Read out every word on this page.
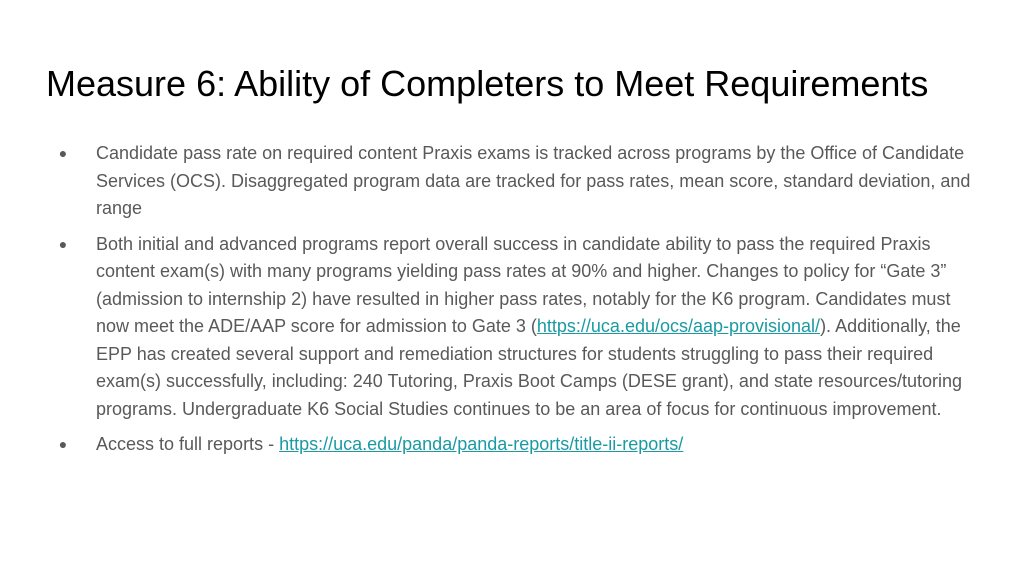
Measure 6: Ability of Completers to Meet Requirements
● Candidate pass rate on required content Praxis exams is tracked across programs by the Office of Candidate Services (OCS). Disaggregated program data are tracked for pass rates, mean score, standard deviation, and range
● Both initial and advanced programs report overall success in candidate ability to pass the required Praxis content exam(s) with many programs yielding pass rates at 90% and higher. Changes to policy for “Gate 3” (admission to internship 2) have resulted in higher pass rates, notably for the K6 program. Candidates must now meet the ADE/AAP score for admission to Gate 3 (https://uca.edu/ocs/aap-provisional/). Additionally, the EPP has created several support and remediation structures for students struggling to pass their required exam(s) successfully, including: 240 Tutoring, Praxis Boot Camps (DESE grant), and state resources/tutoring programs. Undergraduate K6 Social Studies continues to be an area of focus for continuous improvement.
● Access to full reports - https://uca.edu/panda/panda-reports/title-ii-reports/
